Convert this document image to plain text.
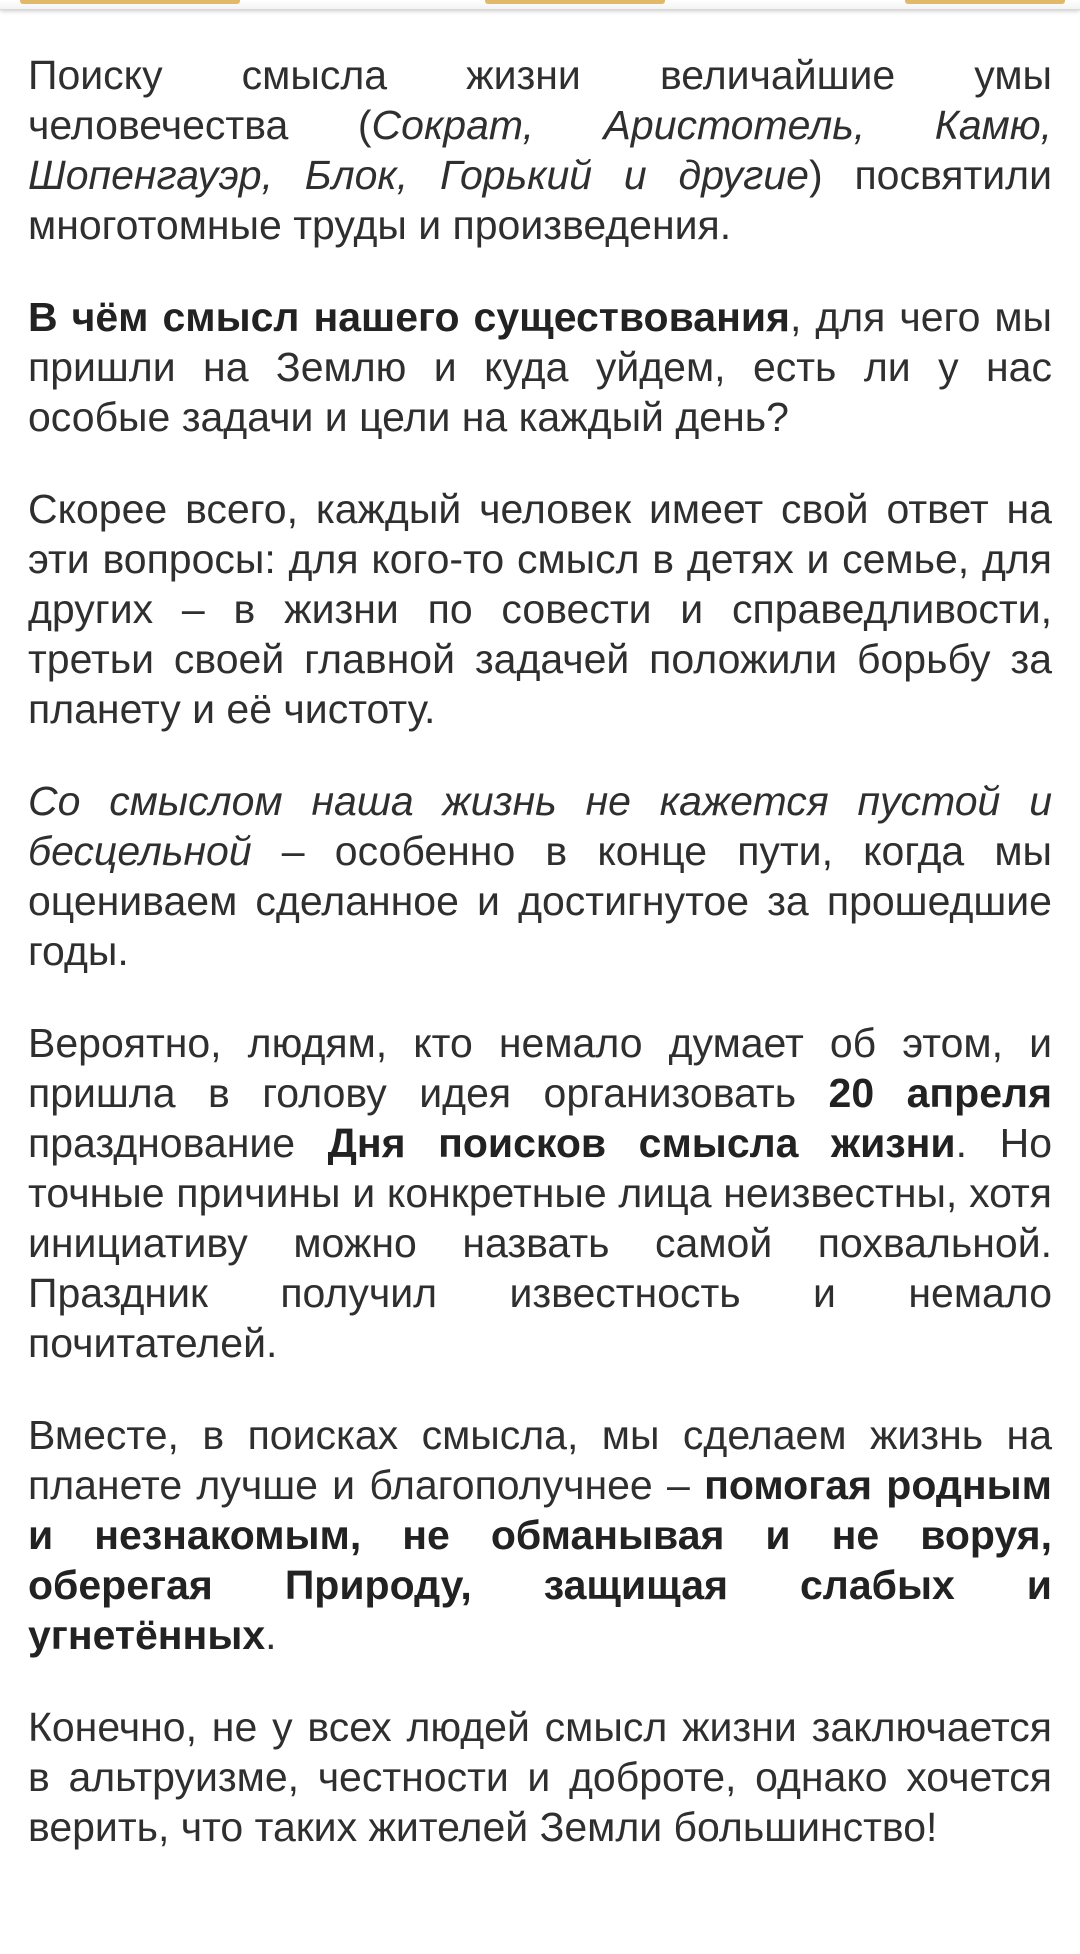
Поиску смысла жизни величайшие умы человечества (Сократ, Аристотель, Камю, Шопенгауэр, Блок, Горький и другие) посвятили многотомные труды и произведения.

В чём смысл нашего существования, для чего мы пришли на Землю и куда уйдем, есть ли у нас особые задачи и цели на каждый день?

Скорее всего, каждый человек имеет свой ответ на эти вопросы: для кого-то смысл в детях и семье, для других – в жизни по совести и справедливости, третьи своей главной задачей положили борьбу за планету и её чистоту.

Со смыслом наша жизнь не кажется пустой и бесцельной – особенно в конце пути, когда мы оцениваем сделанное и достигнутое за прошедшие годы.

Вероятно, людям, кто немало думает об этом, и пришла в голову идея организовать 20 апреля празднование Дня поисков смысла жизни. Но точные причины и конкретные лица неизвестны, хотя инициативу можно назвать самой похвальной. Праздник получил известность и немало почитателей.

Вместе, в поисках смысла, мы сделаем жизнь на планете лучше и благополучнее – помогая родным и незнакомым, не обманывая и не воруя, оберегая Природу, защищая слабых и угнетённых.

Конечно, не у всех людей смысл жизни заключается в альтруизме, честности и доброте, однако хочется верить, что таких жителей Земли большинство!
